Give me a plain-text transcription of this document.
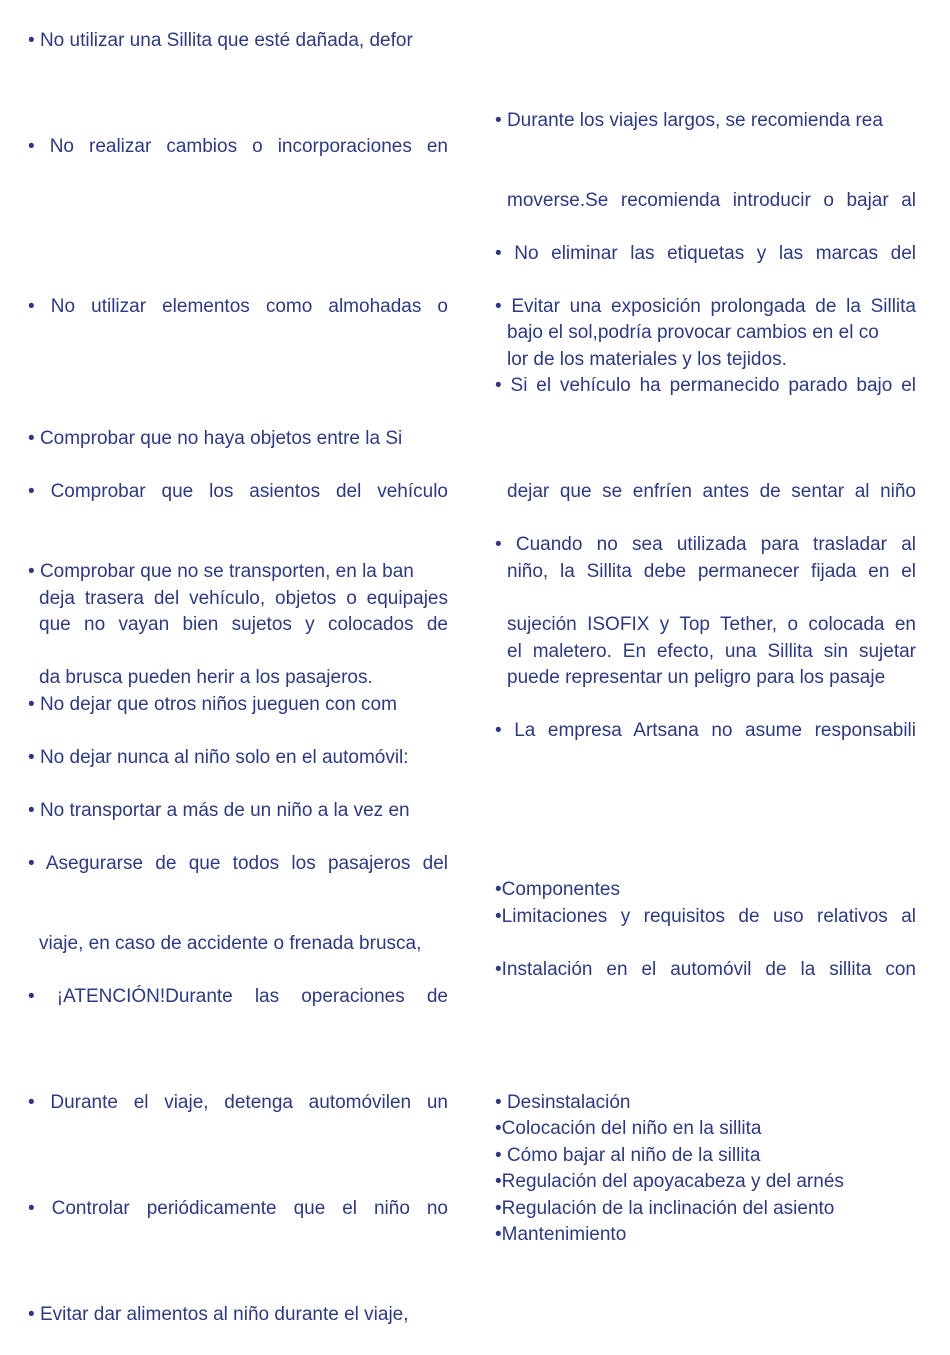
• No utilizar una Sillita que esté dañada, defor
• No realizar cambios o incorporaciones en
• No utilizar elementos como almohadas o
• Comprobar que no haya objetos entre la Si
• Comprobar que los asientos del vehículo
• Comprobar que no se transporten, en la ban
deja trasera del vehículo, objetos o equipajes
que no vayan bien sujetos y colocados de
da brusca pueden herir a los pasajeros.
• No dejar que otros niños jueguen con com
• No dejar nunca al niño solo en el automóvil:
• No transportar a más de un niño a la vez en
• Asegurarse de que todos los pasajeros del
viaje, en caso de accidente o frenada brusca,
• ¡ATENCIÓN!Durante las operaciones de
• Durante el viaje, detenga automóvilen un
• Controlar periódicamente que el niño no
• Evitar dar alimentos al niño durante el viaje,
• Durante los viajes largos, se recomienda rea
moverse.Se recomienda introducir o bajar al
• No eliminar las etiquetas y las marcas del
• Evitar una exposición prolongada de la Sillita
bajo el sol,podría provocar cambios en el co
lor de los materiales y los tejidos.
• Si el vehículo ha permanecido parado bajo el
dejar que se enfríen antes de sentar al niño
• Cuando no sea utilizada para trasladar al
niño, la Sillita debe permanecer fijada en el
sujeción ISOFIX y Top Tether, o colocada en
el maletero. En efecto, una Sillita sin sujetar
puede representar un peligro para los pasaje
• La empresa Artsana no asume responsabili
• Componentes
• Limitaciones y requisitos de uso relativos al
• Instalación en el automóvil de la sillita con
• Desinstalación
• Colocación del niño en la sillita
• Cómo bajar al niño de la sillita
• Regulación del apoyacabeza y del arnés
• Regulación de la inclinación del asiento
• Mantenimiento
